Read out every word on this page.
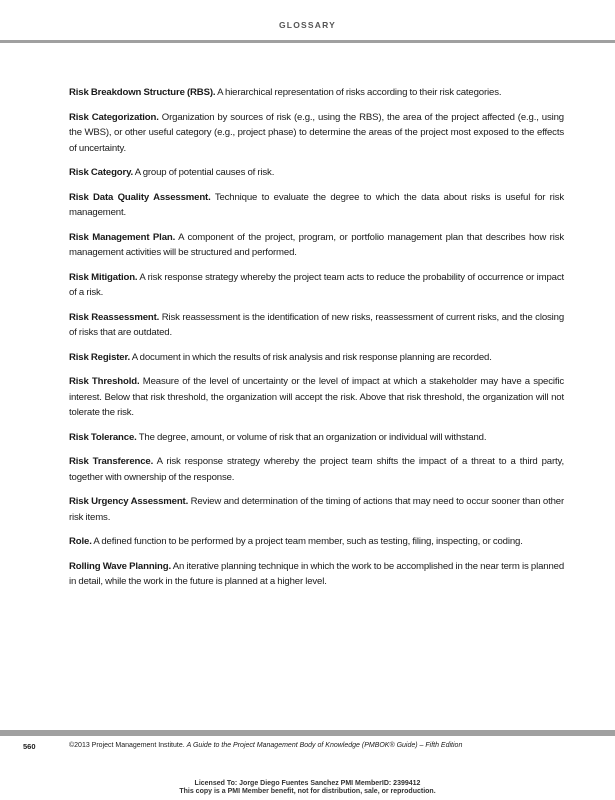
GLOSSARY

Risk Breakdown Structure (RBS). A hierarchical representation of risks according to their risk categories.

Risk Categorization. Organization by sources of risk (e.g., using the RBS), the area of the project affected (e.g., using the WBS), or other useful category (e.g., project phase) to determine the areas of the project most exposed to the effects of uncertainty.

Risk Category. A group of potential causes of risk.

Risk Data Quality Assessment. Technique to evaluate the degree to which the data about risks is useful for risk management.

Risk Management Plan. A component of the project, program, or portfolio management plan that describes how risk management activities will be structured and performed.

Risk Mitigation. A risk response strategy whereby the project team acts to reduce the probability of occurrence or impact of a risk.

Risk Reassessment. Risk reassessment is the identification of new risks, reassessment of current risks, and the closing of risks that are outdated.

Risk Register. A document in which the results of risk analysis and risk response planning are recorded.

Risk Threshold. Measure of the level of uncertainty or the level of impact at which a stakeholder may have a specific interest. Below that risk threshold, the organization will accept the risk. Above that risk threshold, the organization will not tolerate the risk.

Risk Tolerance. The degree, amount, or volume of risk that an organization or individual will withstand.

Risk Transference. A risk response strategy whereby the project team shifts the impact of a threat to a third party, together with ownership of the response.

Risk Urgency Assessment. Review and determination of the timing of actions that may need to occur sooner than other risk items.

Role. A defined function to be performed by a project team member, such as testing, filing, inspecting, or coding.

Rolling Wave Planning. An iterative planning technique in which the work to be accomplished in the near term is planned in detail, while the work in the future is planned at a higher level.

560	©2013 Project Management Institute. A Guide to the Project Management Body of Knowledge (PMBOK® Guide) – Fifth Edition
Licensed To: Jorge Diego Fuentes Sanchez PMI MemberID: 2399412
This copy is a PMI Member benefit, not for distribution, sale, or reproduction.
